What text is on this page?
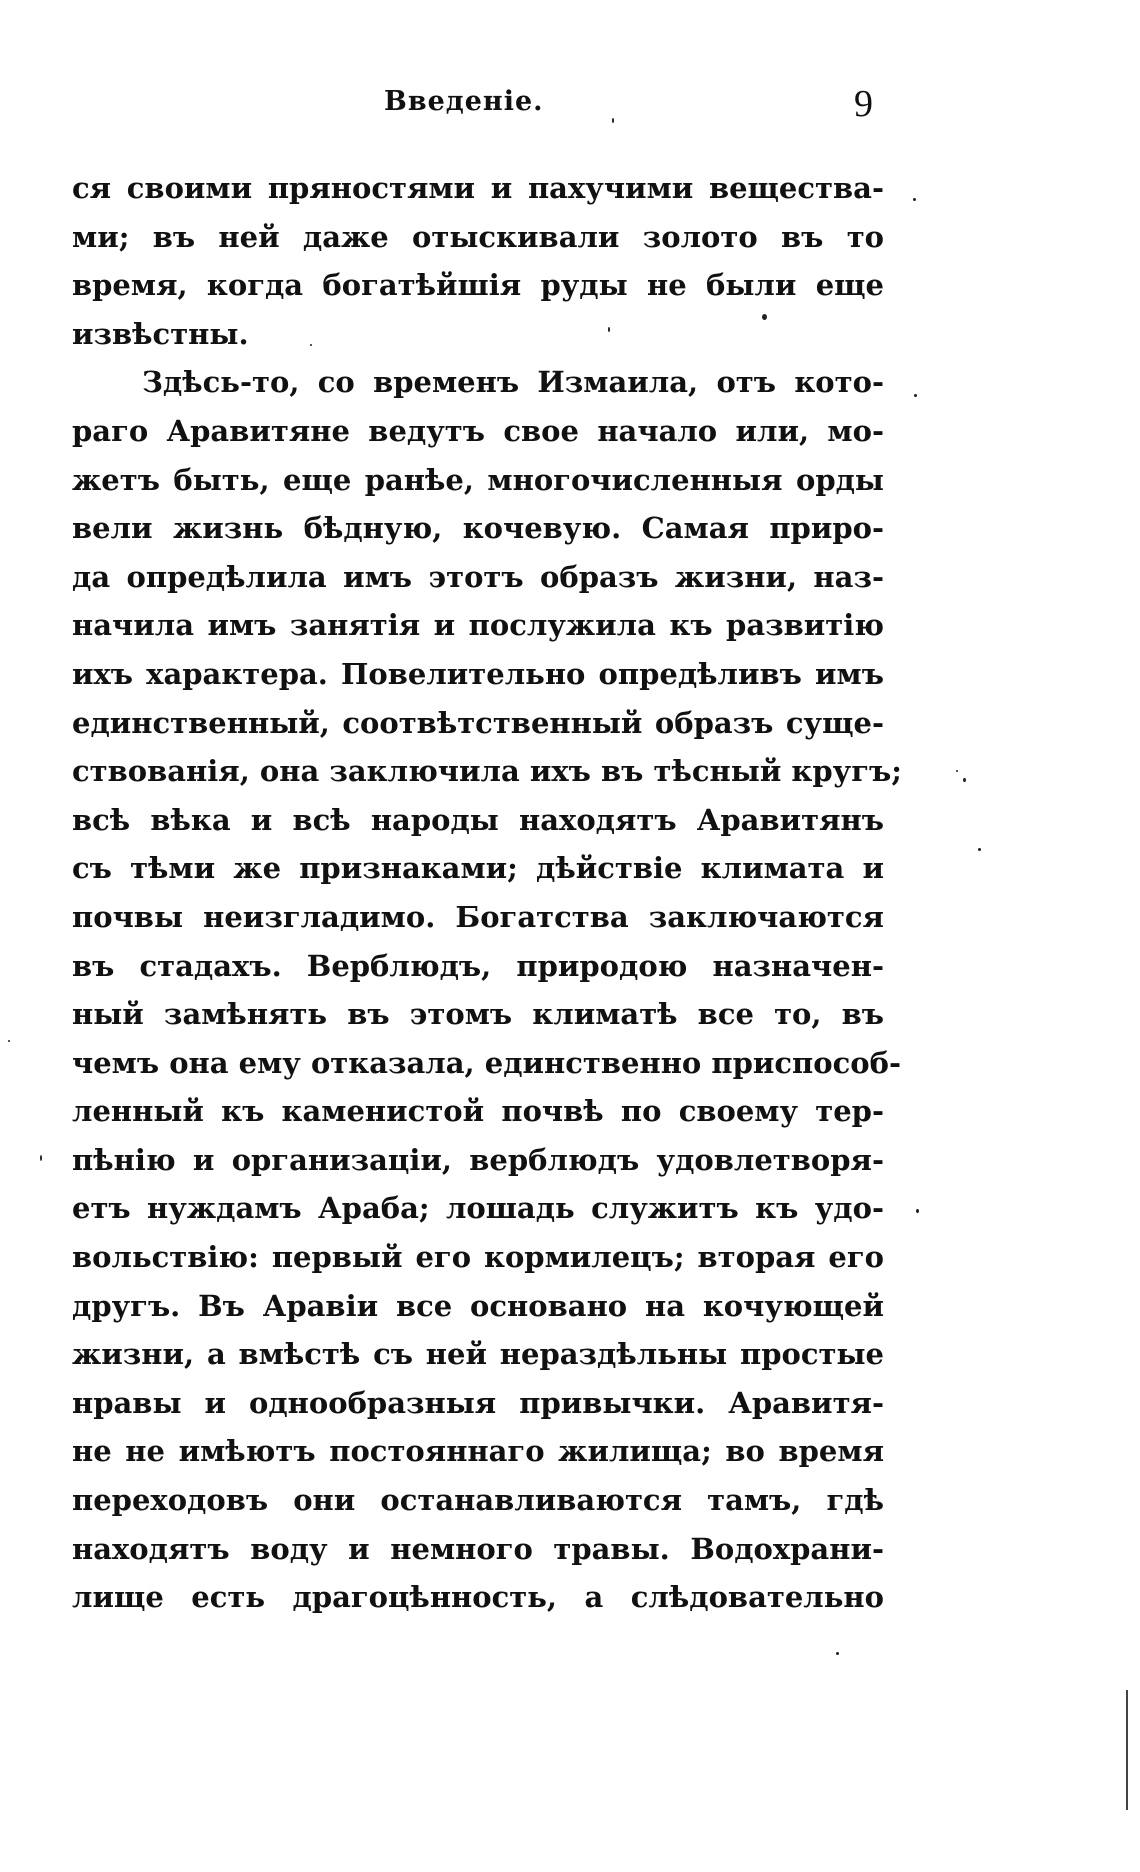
Введеніе.	9
ся своими пряностями и пахучими вещества-
ми; въ ней даже отыскивали золото въ то
время, когда богатѣйшія руды не были еще
извѣстны.
Здѣсь-то, со временъ Измаила, отъ кото-
раго Аравитяне ведутъ свое начало или, мо-
жетъ быть, еще ранѣе, многочисленныя орды
вели жизнь бѣдную, кочевую. Самая приро-
да опредѣлила имъ этотъ образъ жизни, наз-
начила имъ занятія и послужила къ развитію
ихъ характера. Повелительно опредѣливъ имъ
единственный, соотвѣтственный образъ суще-
ствованія, она заключила ихъ въ тѣсный кругъ;
всѣ вѣка и всѣ народы находятъ Аравитянъ
съ тѣми же признаками; дѣйствіе климата и
почвы неизгладимо. Богатства заключаются
въ стадахъ. Верблюдъ, природою назначен-
ный замѣнять въ этомъ климатѣ все то, въ
чемъ она ему отказала, единственно приспособ-
ленный къ каменистой почвѣ по своему тер-
пѣнію и организаціи, верблюдъ удовлетворя-
етъ нуждамъ Араба; лошадь служитъ къ удо-
вольствію: первый его кормилецъ; вторая его
другъ. Въ Аравіи все основано на кочующей
жизни, а вмѣстѣ съ ней нераздѣльны простые
нравы и однообразныя привычки. Аравитя-
не не имѣютъ постояннаго жилища; во время
переходовъ они останавливаются тамъ, гдѣ
находятъ воду и немного травы. Водохрани-
лище есть драгоцѣнность, а слѣдовательно
